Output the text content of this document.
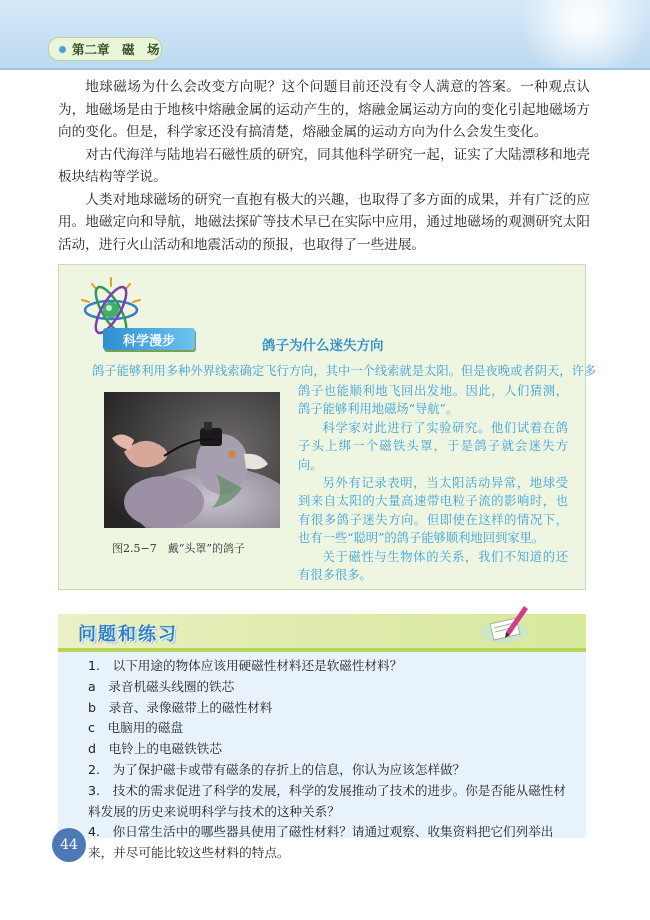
第二章　磁　场

地球磁场为什么会改变方向呢？这个问题目前还没有令人满意的答案。一种观点认为，地磁场是由于地核中熔融金属的运动产生的，熔融金属运动方向的变化引起地磁场方向的变化。但是，科学家还没有搞清楚，熔融金属的运动方向为什么会发生变化。

对古代海洋与陆地岩石磁性质的研究，同其他科学研究一起，证实了大陆漂移和地壳板块结构等学说。

人类对地球磁场的研究一直抱有极大的兴趣，也取得了多方面的成果，并有广泛的应用。地磁定向和导航，地磁法探矿等技术早已在实际中应用，通过地磁场的观测研究太阳活动，进行火山活动和地震活动的预报，也取得了一些进展。

科学漫步	鸽子为什么迷失方向
鸽子能够利用多种外界线索确定飞行方向，其中一个线索就是太阳。但是夜晚或者阴天，许多
图2.5−7　戴“头罩”的鸽子

鸽子也能顺利地飞回出发地。因此，人们猜测，鸽子能够利用地磁场“导航”。

科学家对此进行了实验研究。他们试着在鸽子头上绑一个磁铁头罩，于是鸽子就会迷失方向。

另外有记录表明，当太阳活动异常，地球受到来自太阳的大量高速带电粒子流的影响时，也有很多鸽子迷失方向。但即使在这样的情况下，也有一些“聪明”的鸽子能够顺利地回到家里。

关于磁性与生物体的关系，我们不知道的还有很多很多。

问题和练习

1.　以下用途的物体应该用硬磁性材料还是软磁性材料？

a　录音机磁头线圈的铁芯

b　录音、录像磁带上的磁性材料

c　电脑用的磁盘

d　电铃上的电磁铁铁芯

2.　为了保护磁卡或带有磁条的存折上的信息，你认为应该怎样做？

3.　技术的需求促进了科学的发展，科学的发展推动了技术的进步。你是否能从磁性材料发展的历史来说明科学与技术的这种关系？

4.　你日常生活中的哪些器具使用了磁性材料？请通过观察、收集资料把它们列举出来，并尽可能比较这些材料的特点。

44
